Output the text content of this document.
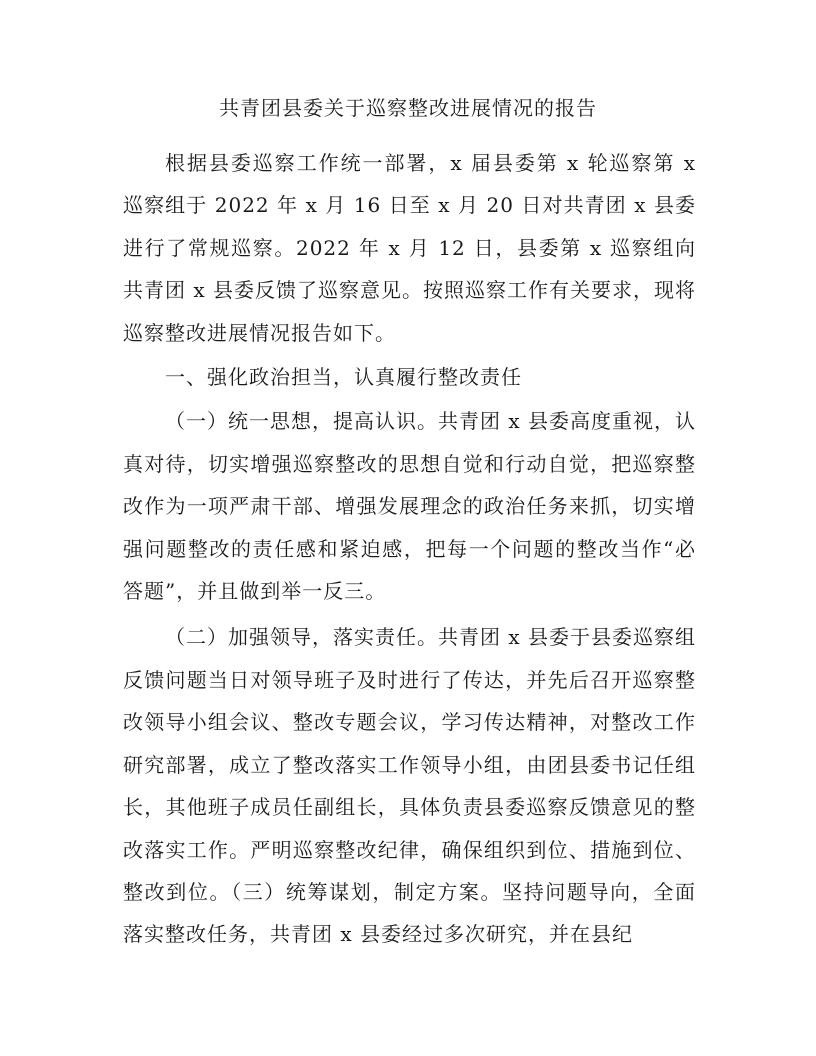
共青团县委关于巡察整改进展情况的报告

根据县委巡察工作统一部署，x 届县委第 x 轮巡察第 x 巡察组于 2022 年 x 月 16 日至 x 月 20 日对共青团 x 县委进行了常规巡察。2022 年 x 月 12 日，县委第 x 巡察组向共青团 x 县委反馈了巡察意见。按照巡察工作有关要求，现将巡察整改进展情况报告如下。

一、强化政治担当，认真履行整改责任

（一）统一思想，提高认识。共青团 x 县委高度重视，认真对待，切实增强巡察整改的思想自觉和行动自觉，把巡察整改作为一项严肃干部、增强发展理念的政治任务来抓，切实增强问题整改的责任感和紧迫感，把每一个问题的整改当作“必答题”，并且做到举一反三。

（二）加强领导，落实责任。共青团 x 县委于县委巡察组反馈问题当日对领导班子及时进行了传达，并先后召开巡察整改领导小组会议、整改专题会议，学习传达精神，对整改工作研究部署，成立了整改落实工作领导小组，由团县委书记任组长，其他班子成员任副组长，具体负责县委巡察反馈意见的整改落实工作。严明巡察整改纪律，确保组织到位、措施到位、整改到位。（三）统筹谋划，制定方案。坚持问题导向，全面落实整改任务，共青团 x 县委经过多次研究，并在县纪
